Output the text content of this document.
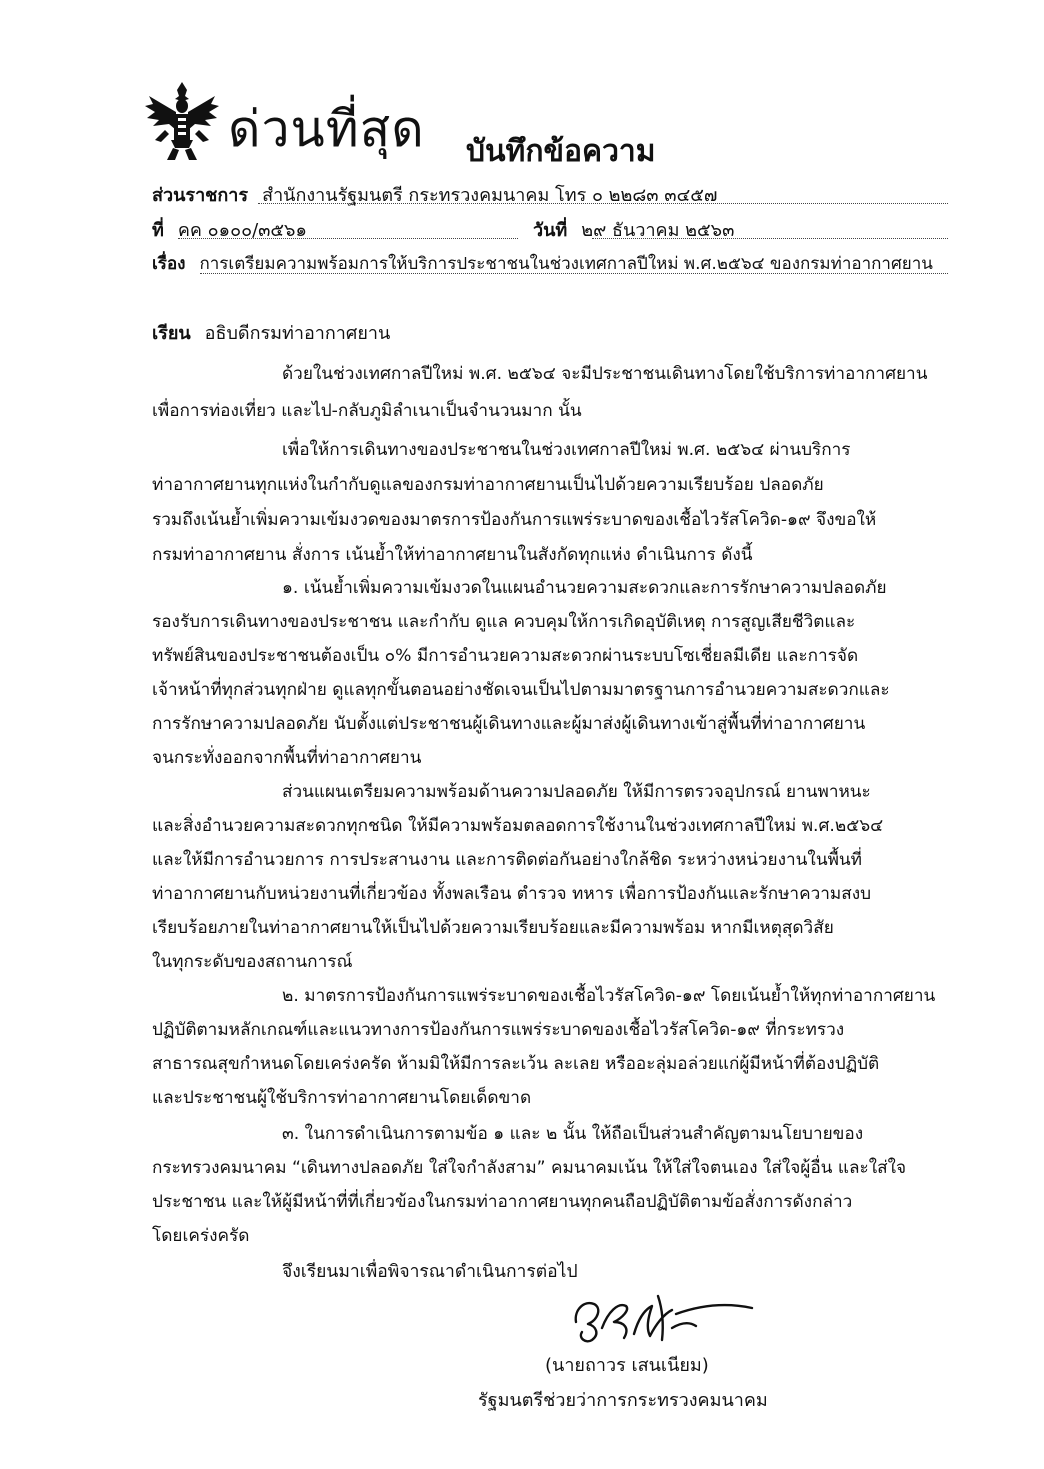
ด่วนที่สุด บันทึกข้อความ
ส่วนราชการ สำนักงานรัฐมนตรี กระทรวงคมนาคม โทร ๐ ๒๒๘๓ ๓๔๕๗
ที่ คค ๐๑๐๐/๓๕๖๑	วันที่ ๒๙ ธันวาคม ๒๕๖๓
เรื่อง การเตรียมความพร้อมการให้บริการประชาชนในช่วงเทศกาลปีใหม่ พ.ศ.๒๕๖๔ ของกรมท่าอากาศยาน
เรียน อธิบดีกรมท่าอากาศยาน
ด้วยในช่วงเทศกาลปีใหม่ พ.ศ. ๒๕๖๔ จะมีประชาชนเดินทางโดยใช้บริการท่าอากาศยาน
เพื่อการท่องเที่ยว และไป-กลับภูมิลำเนาเป็นจำนวนมาก นั้น
เพื่อให้การเดินทางของประชาชนในช่วงเทศกาลปีใหม่ พ.ศ. ๒๕๖๔ ผ่านบริการ
ท่าอากาศยานทุกแห่งในกำกับดูแลของกรมท่าอากาศยานเป็นไปด้วยความเรียบร้อย ปลอดภัย
รวมถึงเน้นย้ำเพิ่มความเข้มงวดของมาตรการป้องกันการแพร่ระบาดของเชื้อไวรัสโควิด-๑๙ จึงขอให้
กรมท่าอากาศยาน สั่งการ เน้นย้ำให้ท่าอากาศยานในสังกัดทุกแห่ง ดำเนินการ ดังนี้
๑. เน้นย้ำเพิ่มความเข้มงวดในแผนอำนวยความสะดวกและการรักษาความปลอดภัย
รองรับการเดินทางของประชาชน และกำกับ ดูแล ควบคุมให้การเกิดอุบัติเหตุ การสูญเสียชีวิตและ
ทรัพย์สินของประชาชนต้องเป็น ๐% มีการอำนวยความสะดวกผ่านระบบโซเชี่ยลมีเดีย และการจัด
เจ้าหน้าที่ทุกส่วนทุกฝ่าย ดูแลทุกขั้นตอนอย่างชัดเจนเป็นไปตามมาตรฐานการอำนวยความสะดวกและ
การรักษาความปลอดภัย นับตั้งแต่ประชาชนผู้เดินทางและผู้มาส่งผู้เดินทางเข้าสู่พื้นที่ท่าอากาศยาน
จนกระทั่งออกจากพื้นที่ท่าอากาศยาน
ส่วนแผนเตรียมความพร้อมด้านความปลอดภัย ให้มีการตรวจอุปกรณ์ ยานพาหนะ
และสิ่งอำนวยความสะดวกทุกชนิด ให้มีความพร้อมตลอดการใช้งานในช่วงเทศกาลปีใหม่ พ.ศ.๒๕๖๔
และให้มีการอำนวยการ การประสานงาน และการติดต่อกันอย่างใกล้ชิด ระหว่างหน่วยงานในพื้นที่
ท่าอากาศยานกับหน่วยงานที่เกี่ยวข้อง ทั้งพลเรือน ตำรวจ ทหาร เพื่อการป้องกันและรักษาความสงบ
เรียบร้อยภายในท่าอากาศยานให้เป็นไปด้วยความเรียบร้อยและมีความพร้อม หากมีเหตุสุดวิสัย
ในทุกระดับของสถานการณ์
๒. มาตรการป้องกันการแพร่ระบาดของเชื้อไวรัสโควิด-๑๙ โดยเน้นย้ำให้ทุกท่าอากาศยาน
ปฏิบัติตามหลักเกณฑ์และแนวทางการป้องกันการแพร่ระบาดของเชื้อไวรัสโควิด-๑๙ ที่กระทรวง
สาธารณสุขกำหนดโดยเคร่งครัด ห้ามมิให้มีการละเว้น ละเลย หรืออะลุ่มอล่วยแก่ผู้มีหน้าที่ต้องปฏิบัติ
และประชาชนผู้ใช้บริการท่าอากาศยานโดยเด็ดขาด
๓. ในการดำเนินการตามข้อ ๑ และ ๒ นั้น ให้ถือเป็นส่วนสำคัญตามนโยบายของ
กระทรวงคมนาคม “เดินทางปลอดภัย ใส่ใจกำลังสาม” คมนาคมเน้น ให้ใส่ใจตนเอง ใส่ใจผู้อื่น และใส่ใจ
ประชาชน และให้ผู้มีหน้าที่ที่เกี่ยวข้องในกรมท่าอากาศยานทุกคนถือปฏิบัติตามข้อสั่งการดังกล่าว
โดยเคร่งครัด
จึงเรียนมาเพื่อพิจารณาดำเนินการต่อไป
(นายถาวร เสนเนียม)
รัฐมนตรีช่วยว่าการกระทรวงคมนาคม
